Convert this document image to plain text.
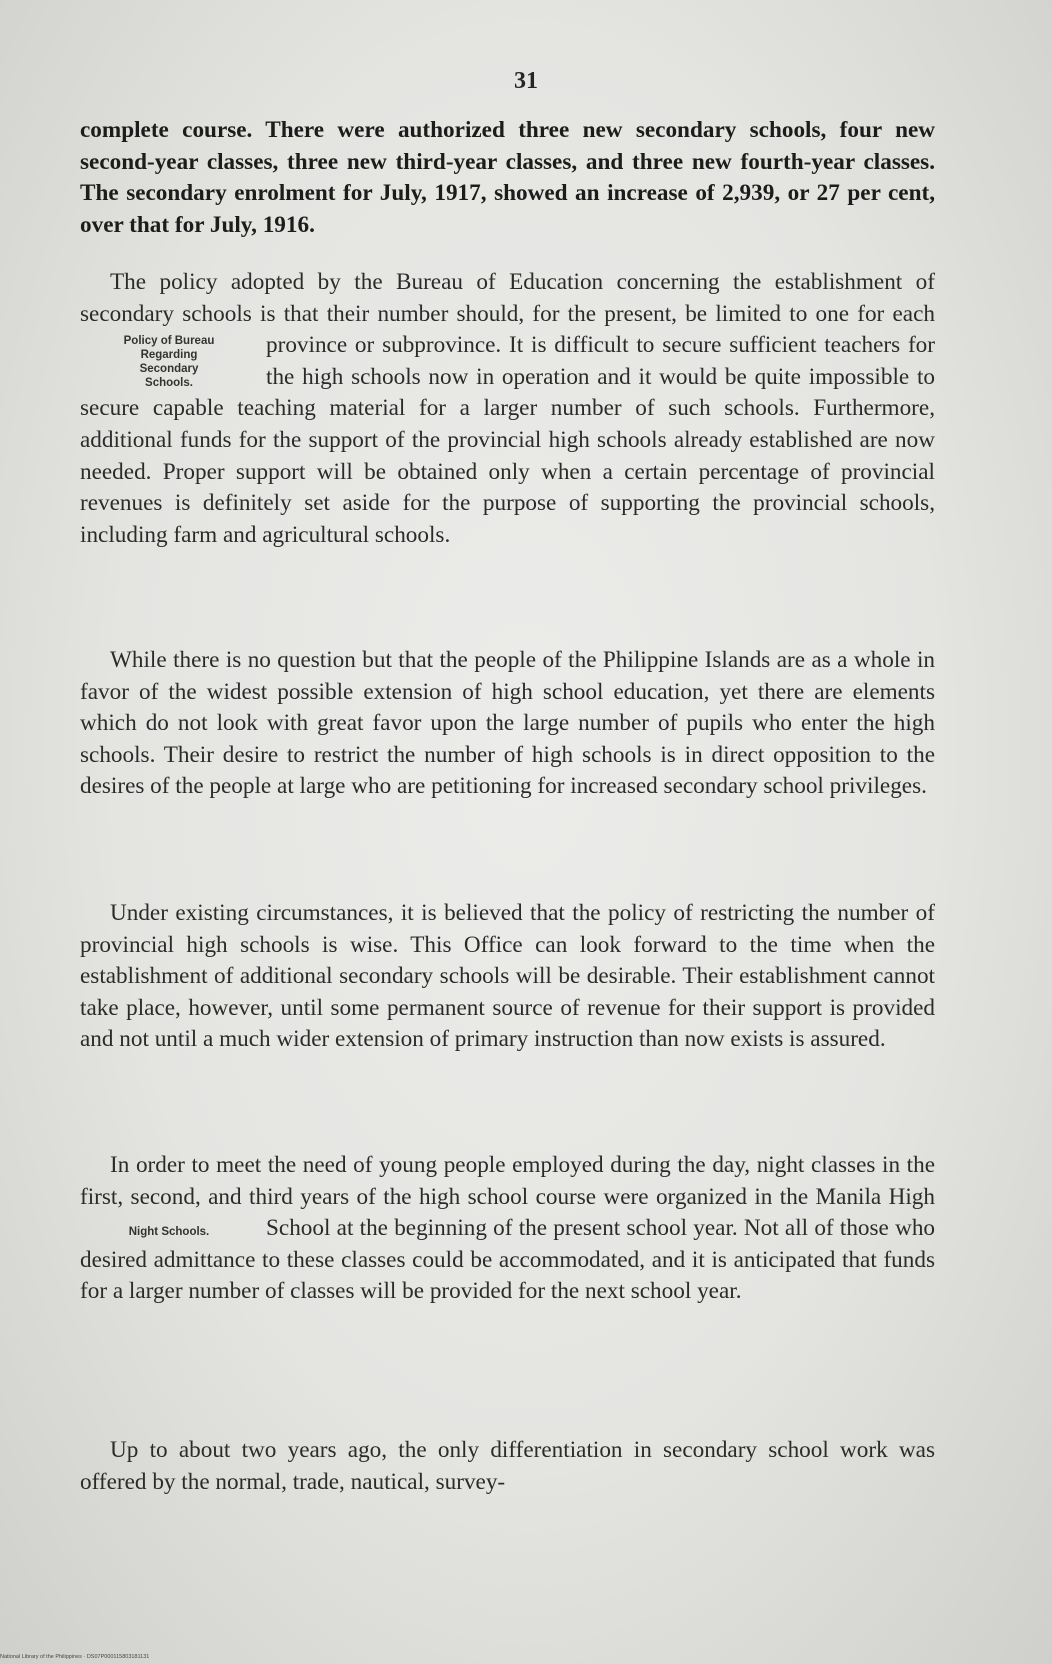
31

complete course. There were authorized three new secondary schools, four new second-year classes, three new third-year classes, and three new fourth-year classes. The secondary enrolment for July, 1917, showed an increase of 2,939, or 27 per cent, over that for July, 1916.

The policy adopted by the Bureau of Education concerning the establishment of secondary schools is that their number should, for the present, be limited to one for each province or
Policy of Bureau
Regarding
Secondary
Schools.
subprovince. It is difficult to secure sufficient teachers for the high schools now in operation and it would be quite impossible to secure capable teaching material for a larger number of such schools. Furthermore, additional funds for the support of the provincial high schools already established are now needed. Proper support will be obtained only when a certain percentage of provincial revenues is definitely set aside for the purpose of supporting the provincial schools, including farm and agricultural schools.

While there is no question but that the people of the Philippine Islands are as a whole in favor of the widest possible extension of high school education, yet there are elements which do not look with great favor upon the large number of pupils who enter the high schools. Their desire to restrict the number of high schools is in direct opposition to the desires of the people at large who are petitioning for increased secondary school privileges.

Under existing circumstances, it is believed that the policy of restricting the number of provincial high schools is wise. This Office can look forward to the time when the establishment of additional secondary schools will be desirable. Their establishment cannot take place, however, until some permanent source of revenue for their support is provided and not until a much wider extension of primary instruction than now exists is assured.

In order to meet the need of young people employed during the day, night classes in the first, second, and third years of the high school course were organized in the Manila High School
Night Schools.	at the beginning of the present school year. Not all of those who desired admittance to these classes could be accommodated, and it is anticipated that funds for a larger number of classes will be provided for the next school year.

Up to about two years ago, the only differentiation in secondary school work was offered by the normal, trade, nautical, survey-

National Library of the Philippines · DS07P000115803181131
